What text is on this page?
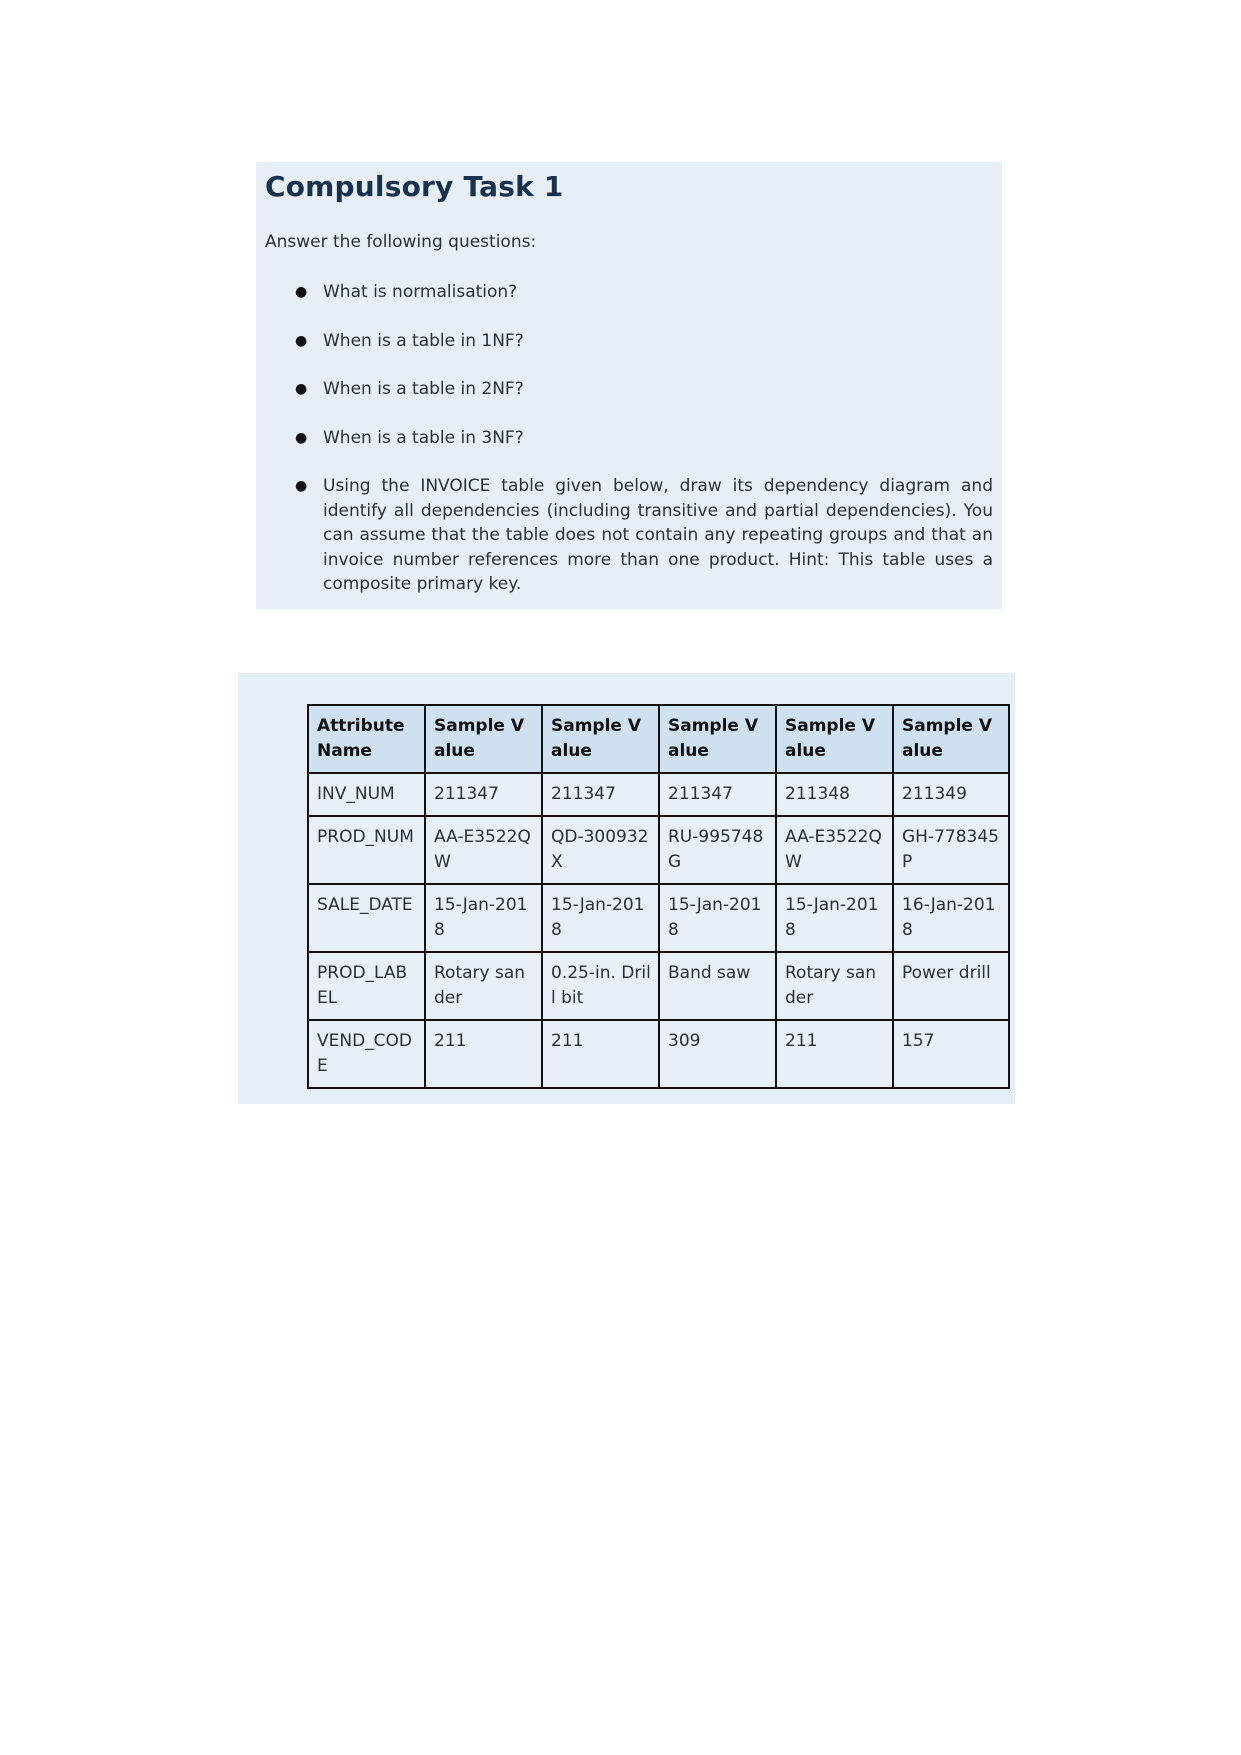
Compulsory Task 1

Answer the following questions:

● What is normalisation?
● When is a table in 1NF?
● When is a table in 2NF?
● When is a table in 3NF?
● Using the INVOICE table given below, draw its dependency diagram and identify all dependencies (including transitive and partial dependencies). You can assume that the table does not contain any repeating groups and that an invoice number references more than one product. Hint: This table uses a composite primary key.
Attribute Name	Sample Value	Sample Value	Sample Value	Sample Value	Sample Value
INV_NUM	211347	211347	211347	211348	211349
PROD_NUM	AA-E3522QW	QD-300932X	RU-995748G	AA-E3522QW	GH-778345P
SALE_DATE	15-Jan-2018	15-Jan-2018	15-Jan-2018	15-Jan-2018	16-Jan-2018
PROD_LABEL	Rotary sander	0.25-in. Drill bit	Band saw	Rotary sander	Power drill
VEND_CODE	211	211	309	211	157
